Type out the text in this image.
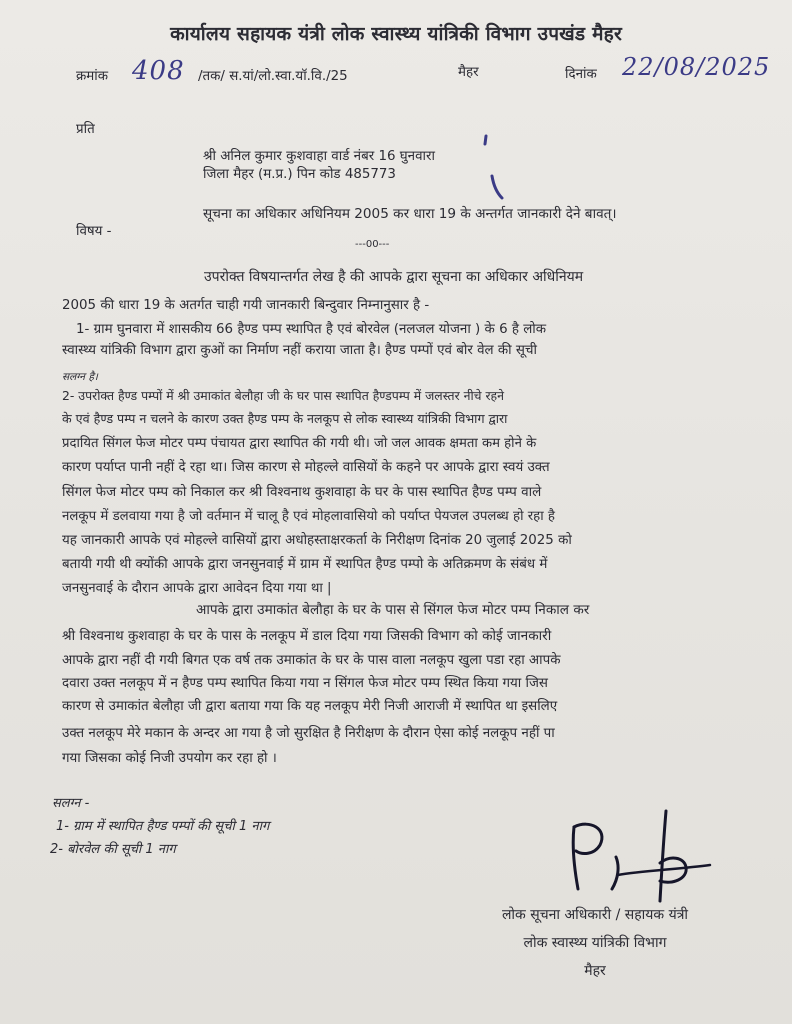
कार्यालय सहायक यंत्री लोक स्वास्थ्य यांत्रिकी विभाग उपखंड मैहर
क्रमांक 408 /तक/ स.यां/लो.स्वा.यॉ.वि./25	मैहर	दिनांक 22/08/2025
प्रति
श्री अनिल कुमार कुशवाहा वार्ड नंबर 16 घुनवारा
जिला मैहर (म.प्र.) पिन कोड 485773
विषय -
सूचना का अधिकार अधिनियम 2005 कर धारा 19 के अन्तर्गत जानकारी देने बावत्।
---00---
उपरोक्त विषयान्तर्गत लेख है की आपके द्वारा सूचना का अधिकार अधिनियम
2005 की धारा 19 के अतर्गत चाही गयी जानकारी बिन्दुवार निम्नानुसार है -
1- ग्राम घुनवारा में शासकीय 66 हैण्ड पम्प स्थापित है एवं बोरवेल (नलजल योजना ) के 6 है लोक
स्वास्थ्य यांत्रिकी विभाग द्वारा कुओं का निर्माण नहीं कराया जाता है। हैण्ड पम्पों एवं बोर वेल की सूची
सलग्न है।
2- उपरोक्त हैण्ड पम्पों में श्री उमाकांत बेलौहा जी के घर पास स्थापित हैण्डपम्प में जलस्तर नीचे रहने
के एवं हैण्ड पम्प न चलने के कारण उक्त हैण्ड पम्प के नलकूप से लोक स्वास्थ्य यांत्रिकी विभाग द्वारा
प्रदायित सिंगल फेज मोटर पम्प पंचायत द्वारा स्थापित की गयी थी। जो जल आवक क्षमता कम होने के
कारण पर्याप्त पानी नहीं दे रहा था। जिस कारण से मोहल्ले वासियों के कहने पर आपके द्वारा स्वयं उक्त
सिंगल फेज मोटर पम्प को निकाल कर श्री विश्वनाथ कुशवाहा के घर के पास स्थापित हैण्ड पम्प वाले
नलकूप में डलवाया गया है जो वर्तमान में चालू है एवं मोहलावासियो को पर्याप्त पेयजल उपलब्ध हो रहा है
यह जानकारी आपके एवं मोहल्ले वासियों द्वारा अधोहस्ताक्षरकर्ता के निरीक्षण दिनांक 20 जुलाई 2025 को
बतायी गयी थी क्योंकी आपके द्वारा जनसुनवाई में ग्राम में स्थापित हैण्ड पम्पो के अतिक्रमण के संबंध में
जनसुनवाई के दौरान आपके द्वारा आवेदन दिया गया था |
आपके द्वारा उमाकांत बेलौहा के घर के पास से सिंगल फेज मोटर पम्प निकाल कर
श्री विश्वनाथ कुशवाहा के घर के पास के नलकूप में डाल दिया गया जिसकी विभाग को कोई जानकारी
आपके द्वारा नहीं दी गयी बिगत एक वर्ष तक उमाकांत के घर के पास वाला नलकूप खुला पडा रहा आपके
दवारा उक्त नलकूप में न हैण्ड पम्प स्थापित किया गया न सिंगल फेज मोटर पम्प स्थित किया गया जिस
कारण से उमाकांत बेलौहा जी द्वारा बताया गया कि यह नलकूप मेरी निजी आराजी में स्थापित था इसलिए
उक्त नलकूप मेरे मकान के अन्दर आ गया है जो सुरक्षित है निरीक्षण के दौरान ऐसा कोई नलकूप नहीं पा
गया जिसका कोई निजी उपयोग कर रहा हो ।
सलग्न -
1- ग्राम में स्थापित हैण्ड पम्पों की सूची 1 नाग
2- बोरवेल की सूची 1 नाग
लोक सूचना अधिकारी / सहायक यंत्री
लोक स्वास्थ्य यांत्रिकी विभाग
मैहर
